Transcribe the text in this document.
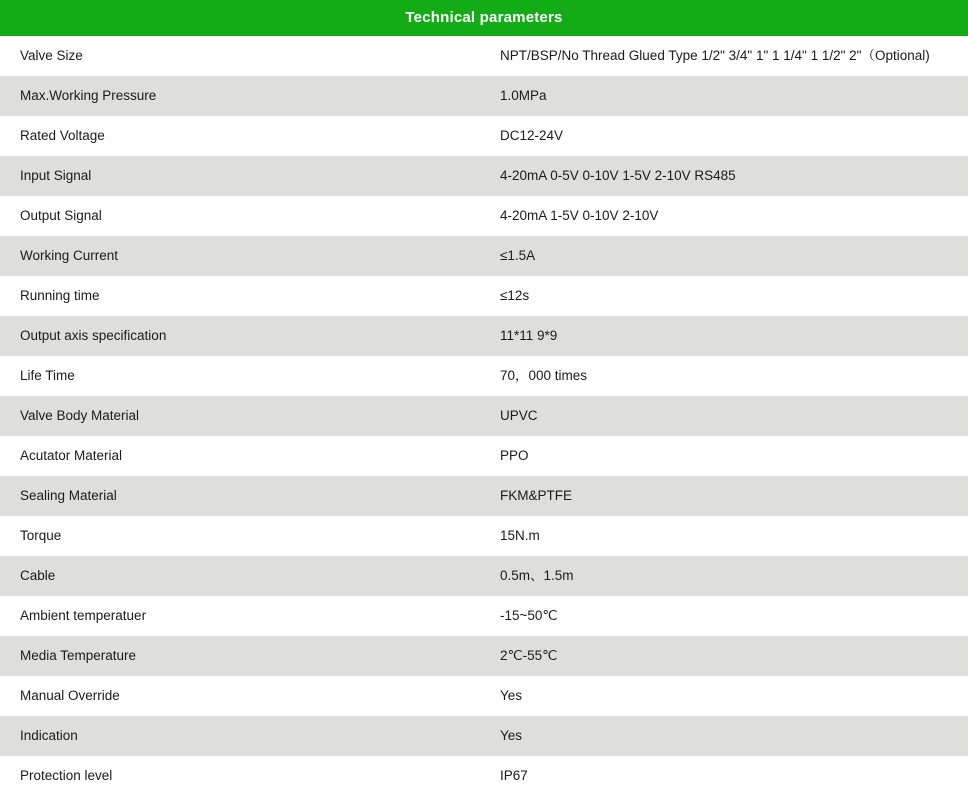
Technical parameters	
Valve Size	NPT/BSP/No Thread Glued Type 1/2" 3/4" 1" 1 1/4" 1 1/2" 2"（Optional)
Max.Working Pressure	1.0MPa
Rated Voltage	DC12-24V
Input Signal	4-20mA 0-5V 0-10V 1-5V 2-10V RS485
Output Signal	4-20mA 1-5V 0-10V 2-10V
Working Current	≤1.5A
Running time	≤12s
Output axis specification	11*11 9*9
Life Time	70，000 times
Valve Body Material	UPVC
Acutator Material	PPO
Sealing Material	FKM&PTFE
Torque	15N.m
Cable	0.5m、1.5m
Ambient temperatuer	-15~50℃
Media Temperature	2℃-55℃
Manual Override	Yes
Indication	Yes
Protection level	IP67
